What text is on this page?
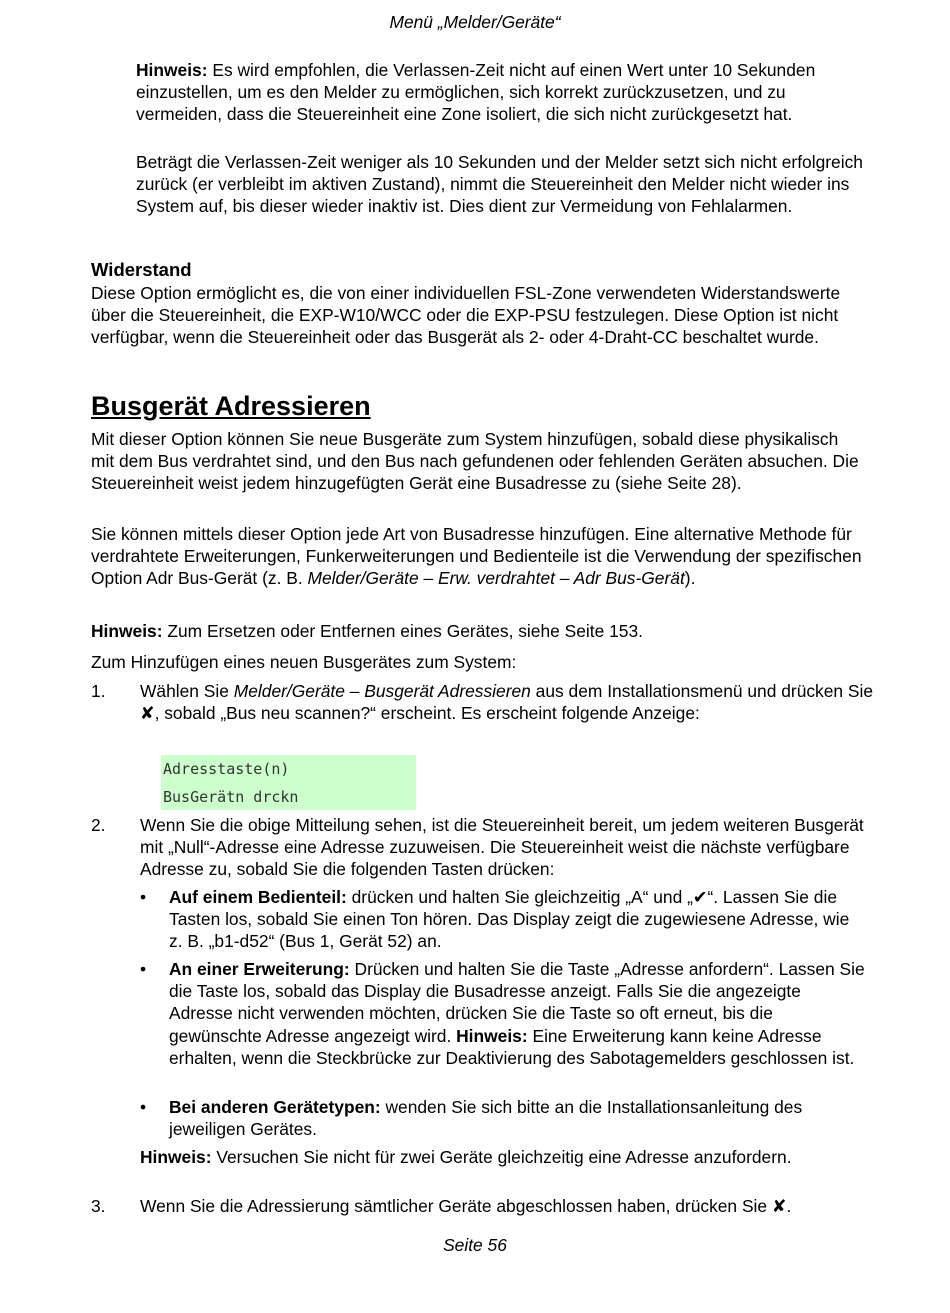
Menü „Melder/Geräte“

Hinweis: Es wird empfohlen, die Verlassen-Zeit nicht auf einen Wert unter 10 Sekunden einzustellen, um es den Melder zu ermöglichen, sich korrekt zurückzusetzen, und zu vermeiden, dass die Steuereinheit eine Zone isoliert, die sich nicht zurückgesetzt hat.

Beträgt die Verlassen-Zeit weniger als 10 Sekunden und der Melder setzt sich nicht erfolgreich zurück (er verbleibt im aktiven Zustand), nimmt die Steuereinheit den Melder nicht wieder ins System auf, bis dieser wieder inaktiv ist. Dies dient zur Vermeidung von Fehlalarmen.

Widerstand
Diese Option ermöglicht es, die von einer individuellen FSL-Zone verwendeten Widerstandswerte über die Steuereinheit, die EXP-W10/WCC oder die EXP-PSU festzulegen. Diese Option ist nicht verfügbar, wenn die Steuereinheit oder das Busgerät als 2- oder 4-Draht-CC beschaltet wurde.
Busgerät Adressieren
Mit dieser Option können Sie neue Busgeräte zum System hinzufügen, sobald diese physikalisch mit dem Bus verdrahtet sind, und den Bus nach gefundenen oder fehlenden Geräten absuchen. Die Steuereinheit weist jedem hinzugefügten Gerät eine Busadresse zu (siehe Seite 28).

Sie können mittels dieser Option jede Art von Busadresse hinzufügen. Eine alternative Methode für verdrahtete Erweiterungen, Funkerweiterungen und Bedienteile ist die Verwendung der spezifischen Option Adr Bus-Gerät (z. B. Melder/Geräte – Erw. verdrahtet – Adr Bus-Gerät).

Hinweis: Zum Ersetzen oder Entfernen eines Gerätes, siehe Seite 153.

Zum Hinzufügen eines neuen Busgerätes zum System:
1.	Wählen Sie Melder/Geräte – Busgerät Adressieren aus dem Installationsmenü und drücken Sie ✘, sobald „Bus neu scannen?“ erscheint. Es erscheint folgende Anzeige:
Adresstaste(n)
BusGerätn drckn
2.	Wenn Sie die obige Mitteilung sehen, ist die Steuereinheit bereit, um jedem weiteren Busgerät mit „Null“-Adresse eine Adresse zuzuweisen. Die Steuereinheit weist die nächste verfügbare Adresse zu, sobald Sie die folgenden Tasten drücken:
•	Auf einem Bedienteil: drücken und halten Sie gleichzeitig „A“ und „✔“. Lassen Sie die Tasten los, sobald Sie einen Ton hören. Das Display zeigt die zugewiesene Adresse, wie z. B. „b1-d52“ (Bus 1, Gerät 52) an.
•	An einer Erweiterung: Drücken und halten Sie die Taste „Adresse anfordern“. Lassen Sie die Taste los, sobald das Display die Busadresse anzeigt. Falls Sie die angezeigte Adresse nicht verwenden möchten, drücken Sie die Taste so oft erneut, bis die gewünschte Adresse angezeigt wird. Hinweis: Eine Erweiterung kann keine Adresse erhalten, wenn die Steckbrücke zur Deaktivierung des Sabotagemelders geschlossen ist.
•	Bei anderen Gerätetypen: wenden Sie sich bitte an die Installationsanleitung des jeweiligen Gerätes.

Hinweis: Versuchen Sie nicht für zwei Geräte gleichzeitig eine Adresse anzufordern.

3.	Wenn Sie die Adressierung sämtlicher Geräte abgeschlossen haben, drücken Sie ✘.
Seite 56
